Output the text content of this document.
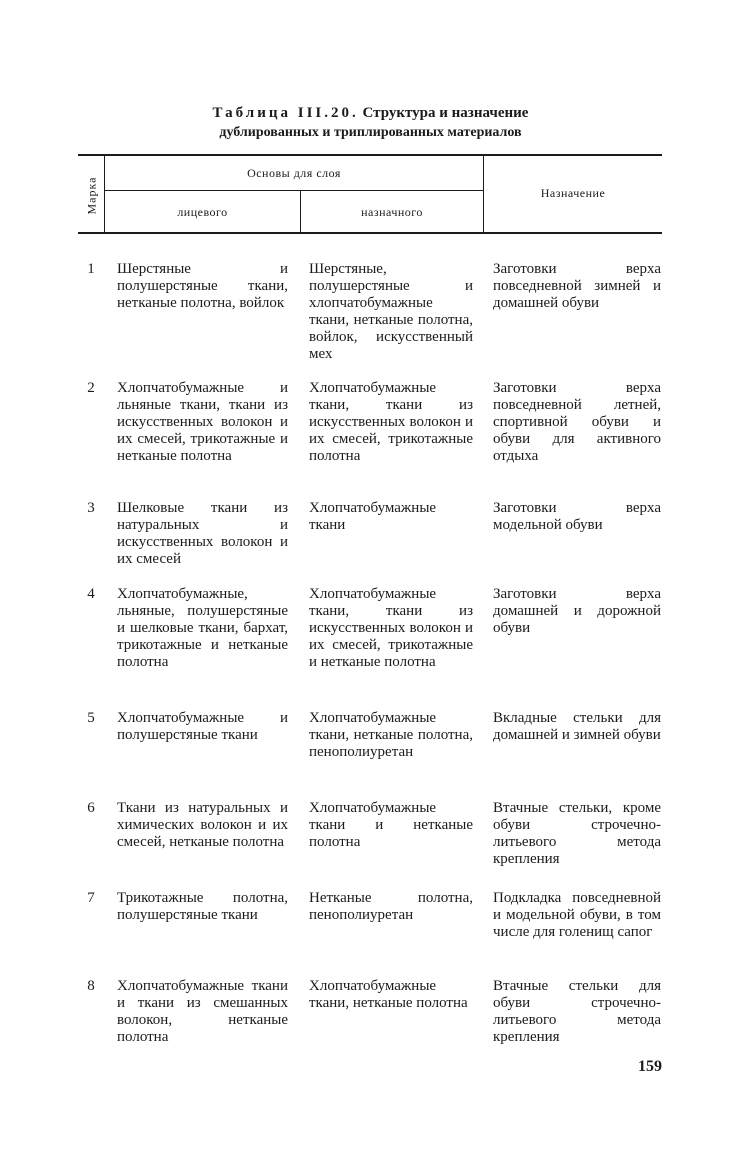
Таблица III.20. Структура и назначение
дублированных и триплированных материалов
Марка
Основы для слоя
лицевого	назначного
Назначение
1 Шерстяные и полушерстяные ткани, нетканые полотна, войлок
Шерстяные, полушерстяные и хлопчатобумажные ткани, нетканые полотна, войлок, искусственный мех
Заготовки верха повседневной зимней и домашней обуви
2 Хлопчатобумажные и льняные ткани, ткани из искусственных волокон и их смесей, трикотажные и нетканые полотна
Хлопчатобумажные ткани, ткани из искусственных волокон и их смесей, трикотажные полотна
Заготовки верха повседневной летней, спортивной обуви и обуви для активного отдыха
3 Шелковые ткани из натуральных и искусственных волокон и их смесей
Хлопчатобумажные ткани
Заготовки верха модельной обуви
4 Хлопчатобумажные, льняные, полушерстяные и шелковые ткани, бархат, трикотажные и нетканые полотна
Хлопчатобумажные ткани, ткани из искусственных волокон и их смесей, трикотажные и нетканые полотна
Заготовки верха домашней и дорожной обуви
5 Хлопчатобумажные и полушерстяные ткани
Хлопчатобумажные ткани, нетканые полотна, пенополиуретан
Вкладные стельки для домашней и зимней обуви
6 Ткани из натуральных и химических волокон и их смесей, нетканые полотна
Хлопчатобумажные ткани и нетканые полотна
Втачные стельки, кроме обуви строчечно-литьевого метода крепления
7 Трикотажные полотна, полушерстяные ткани
Нетканые полотна, пенополиуретан
Подкладка повседневной и модельной обуви, в том числе для голенищ сапог
8 Хлопчатобумажные ткани и ткани из смешанных волокон, нетканые полотна
Хлопчатобумажные ткани, нетканые полотна
Втачные стельки для обуви строчечно-литьевого метода крепления
159
